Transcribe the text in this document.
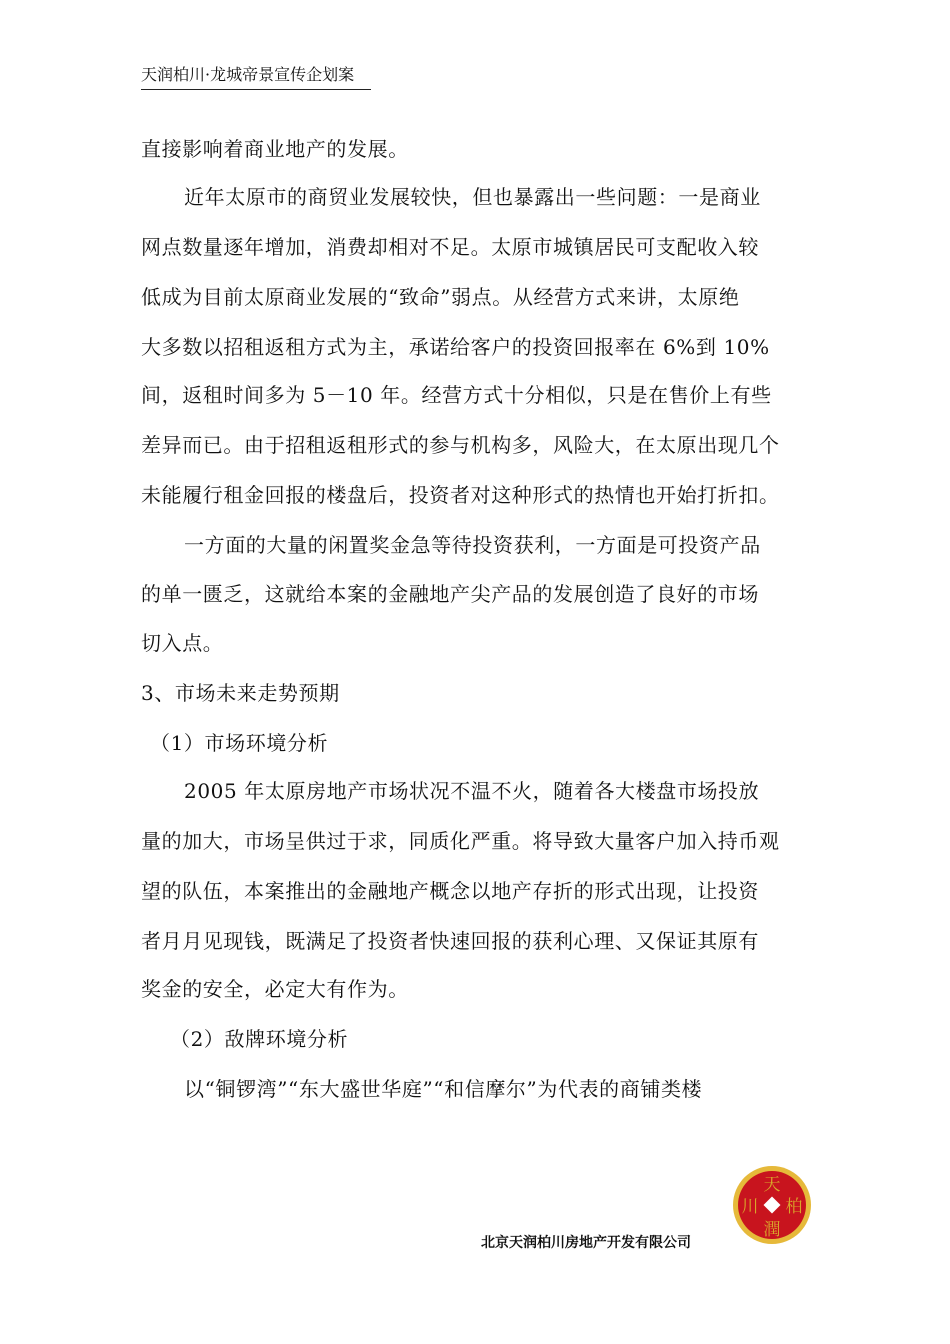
天润柏川·龙城帝景宣传企划案
直接影响着商业地产的发展。
近年太原市的商贸业发展较快，但也暴露出一些问题：一是商业
网点数量逐年增加，消费却相对不足。太原市城镇居民可支配收入较
低成为目前太原商业发展的“致命”弱点。从经营方式来讲，太原绝
大多数以招租返租方式为主，承诺给客户的投资回报率在 6%到 10%
间，返租时间多为 5－10 年。经营方式十分相似，只是在售价上有些
差异而已。由于招租返租形式的参与机构多，风险大，在太原出现几个
未能履行租金回报的楼盘后，投资者对这种形式的热情也开始打折扣。
一方面的大量的闲置奖金急等待投资获利，一方面是可投资产品
的单一匮乏，这就给本案的金融地产尖产品的发展创造了良好的市场
切入点。
3、市场未来走势预期
（1）市场环境分析
2005 年太原房地产市场状况不温不火，随着各大楼盘市场投放
量的加大，市场呈供过于求，同质化严重。将导致大量客户加入持币观
望的队伍，本案推出的金融地产概念以地产存折的形式出现，让投资
者月月见现钱，既满足了投资者快速回报的获利心理、又保证其原有
奖金的安全，必定大有作为。
（2）敌牌环境分析
以“铜锣湾”“东大盛世华庭”“和信摩尔”为代表的商铺类楼
天
柏
潤
川
北京天润柏川房地产开发有限公司
